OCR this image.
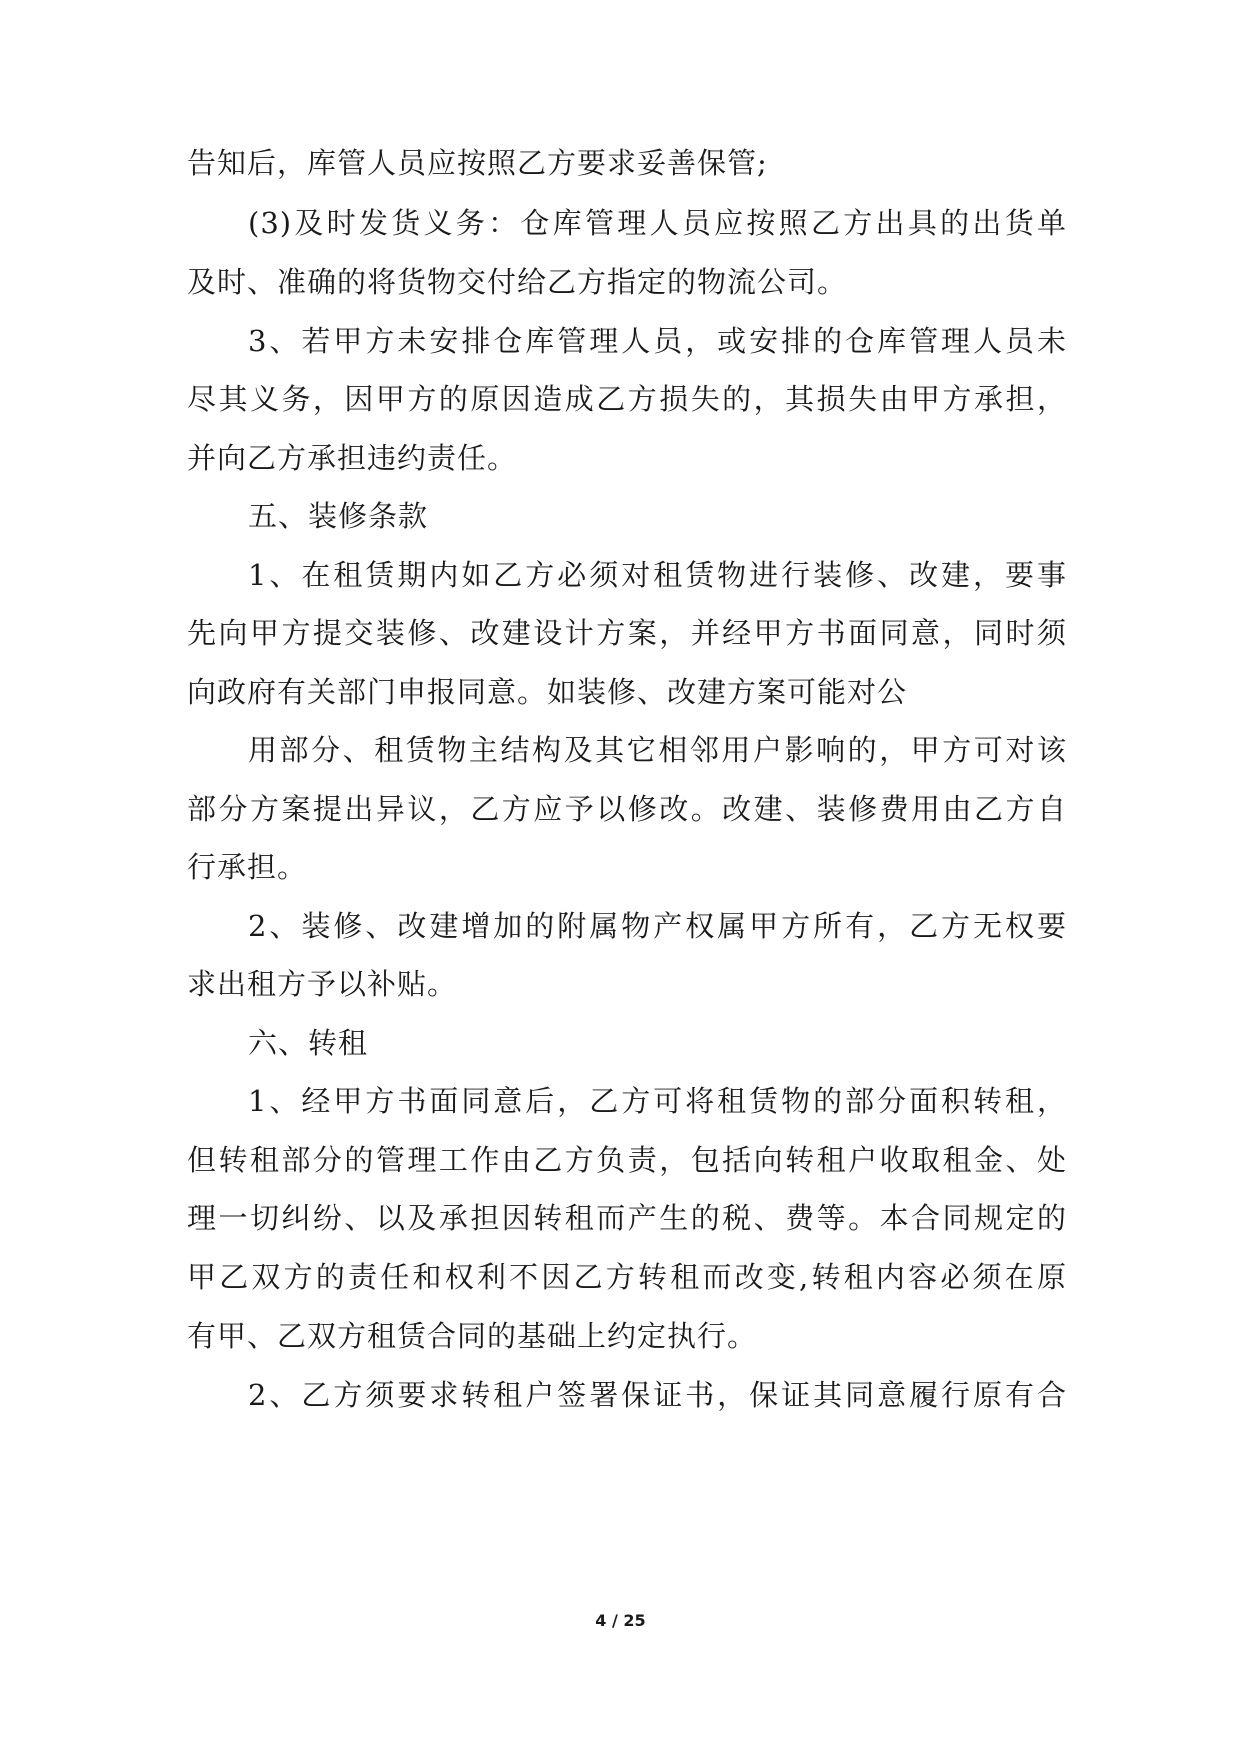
告知后，库管人员应按照乙方要求妥善保管;
(3)及时发货义务：仓库管理人员应按照乙方出具的出货单
及时、准确的将货物交付给乙方指定的物流公司。
3、若甲方未安排仓库管理人员，或安排的仓库管理人员未
尽其义务，因甲方的原因造成乙方损失的，其损失由甲方承担，
并向乙方承担违约责任。
五、装修条款
1、在租赁期内如乙方必须对租赁物进行装修、改建，要事
先向甲方提交装修、改建设计方案，并经甲方书面同意，同时须
向政府有关部门申报同意。如装修、改建方案可能对公
用部分、租赁物主结构及其它相邻用户影响的，甲方可对该
部分方案提出异议，乙方应予以修改。改建、装修费用由乙方自
行承担。
2、装修、改建增加的附属物产权属甲方所有，乙方无权要
求出租方予以补贴。
六、转租
1、经甲方书面同意后，乙方可将租赁物的部分面积转租，
但转租部分的管理工作由乙方负责，包括向转租户收取租金、处
理一切纠纷、以及承担因转租而产生的税、费等。本合同规定的
甲乙双方的责任和权利不因乙方转租而改变,转租内容必须在原
有甲、乙双方租赁合同的基础上约定执行。
2、乙方须要求转租户签署保证书，保证其同意履行原有合
4 / 25
